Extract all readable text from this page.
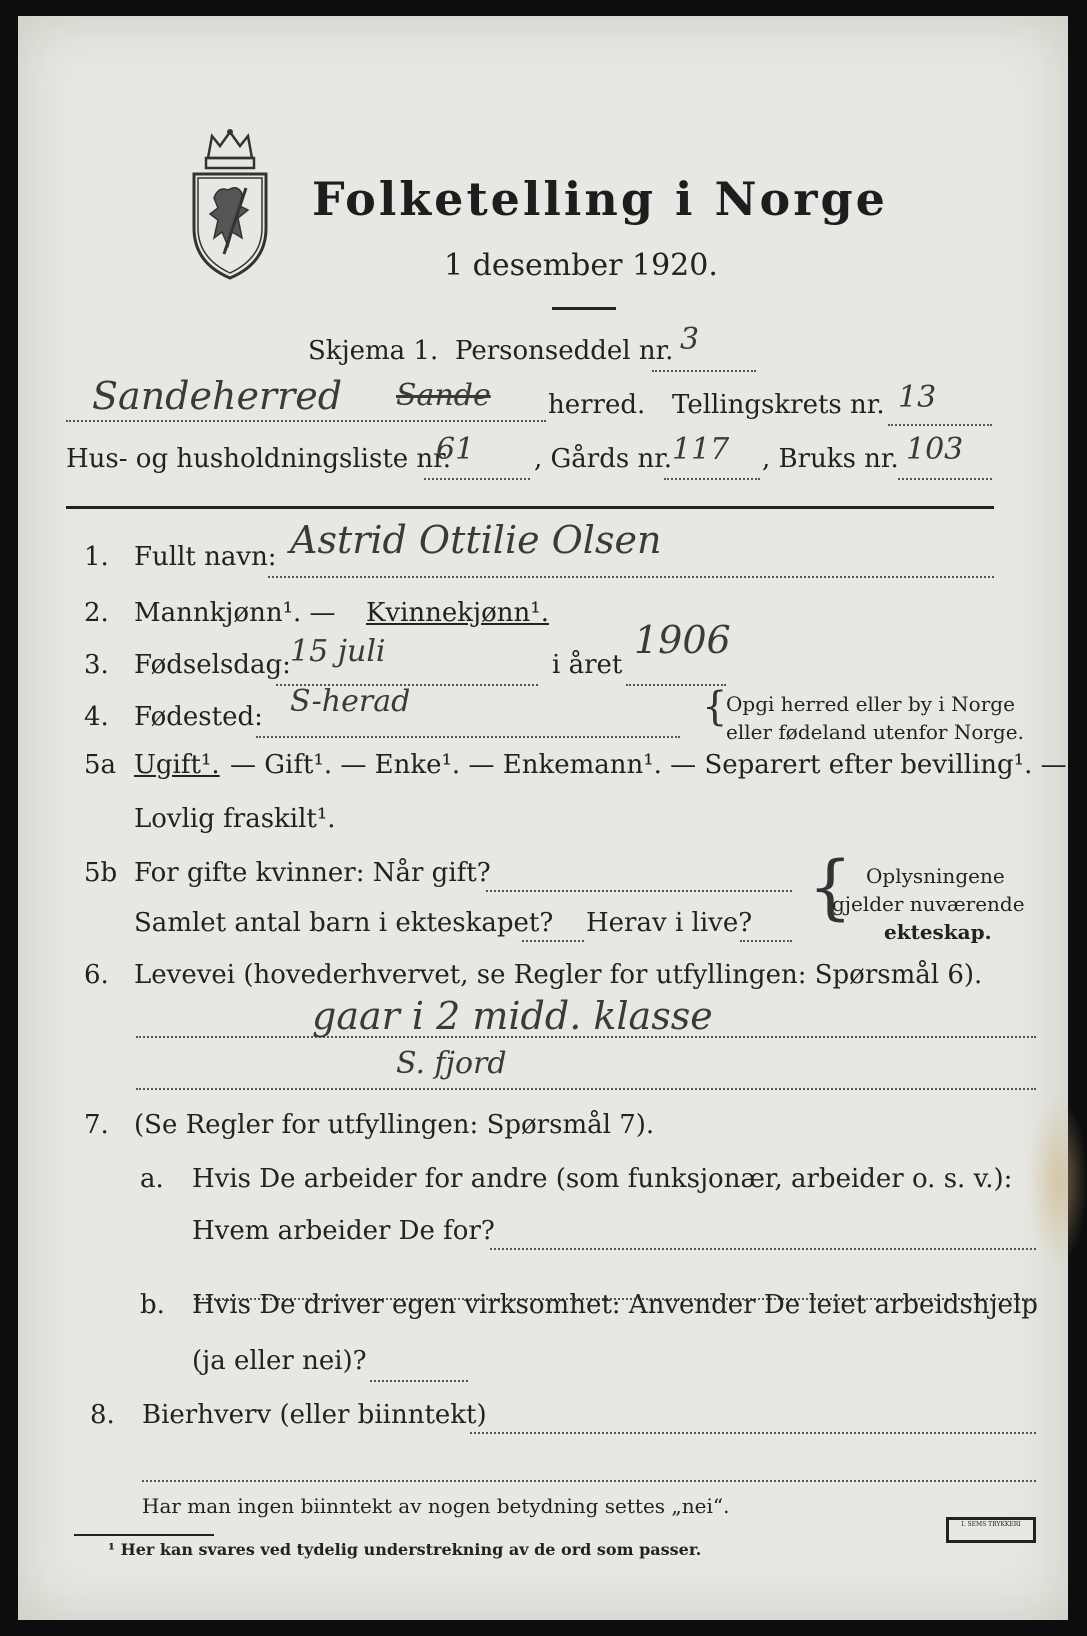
Folketelling i Norge
1 desember 1920.
Skjema 1. Personseddel nr. 3
Sandeherred Sande herred. Tellingskrets nr. 13
Hus- og husholdningsliste nr.
61 , Gårds nr. 117 , Bruks nr. 103
1. Fullt navn: Astrid Ottilie Olsen
2. Mannkjønn¹. — Kvinnekjønn¹.
3. Fødselsdag: 15 juli	i året
1906
4. Fødested: S-herad	{
Opgi herred eller by i Norge
eller fødeland utenfor Norge.
5a Ugift¹. — Gift¹. — Enke¹. — Enkemann¹. — Separert efter bevilling¹. —
Lovlig fraskilt¹.
5b For gifte kvinner: Når gift?
Samlet antal barn i ekteskapet? Herav i live? { Oplysningene
gjelder nuværende
ekteskap.
6. Levevei (hovederhvervet, se Regler for utfyllingen: Spørsmål 6).
gaar i 2 midd. klasse
S. fjord
7. (Se Regler for utfyllingen: Spørsmål 7).
a. Hvis De arbeider for andre (som funksjonær, arbeider o. s. v.):
Hvem arbeider De for?
b. Hvis De driver egen virksomhet: Anvender De leiet arbeidshjelp
(ja eller nei)?
8. Bierhverv (eller biinntekt)
Har man ingen biinntekt av nogen betydning settes „nei“.
¹ Her kan svares ved tydelig understrekning av de ord som passer.
I. SEMS TRYKKERI
